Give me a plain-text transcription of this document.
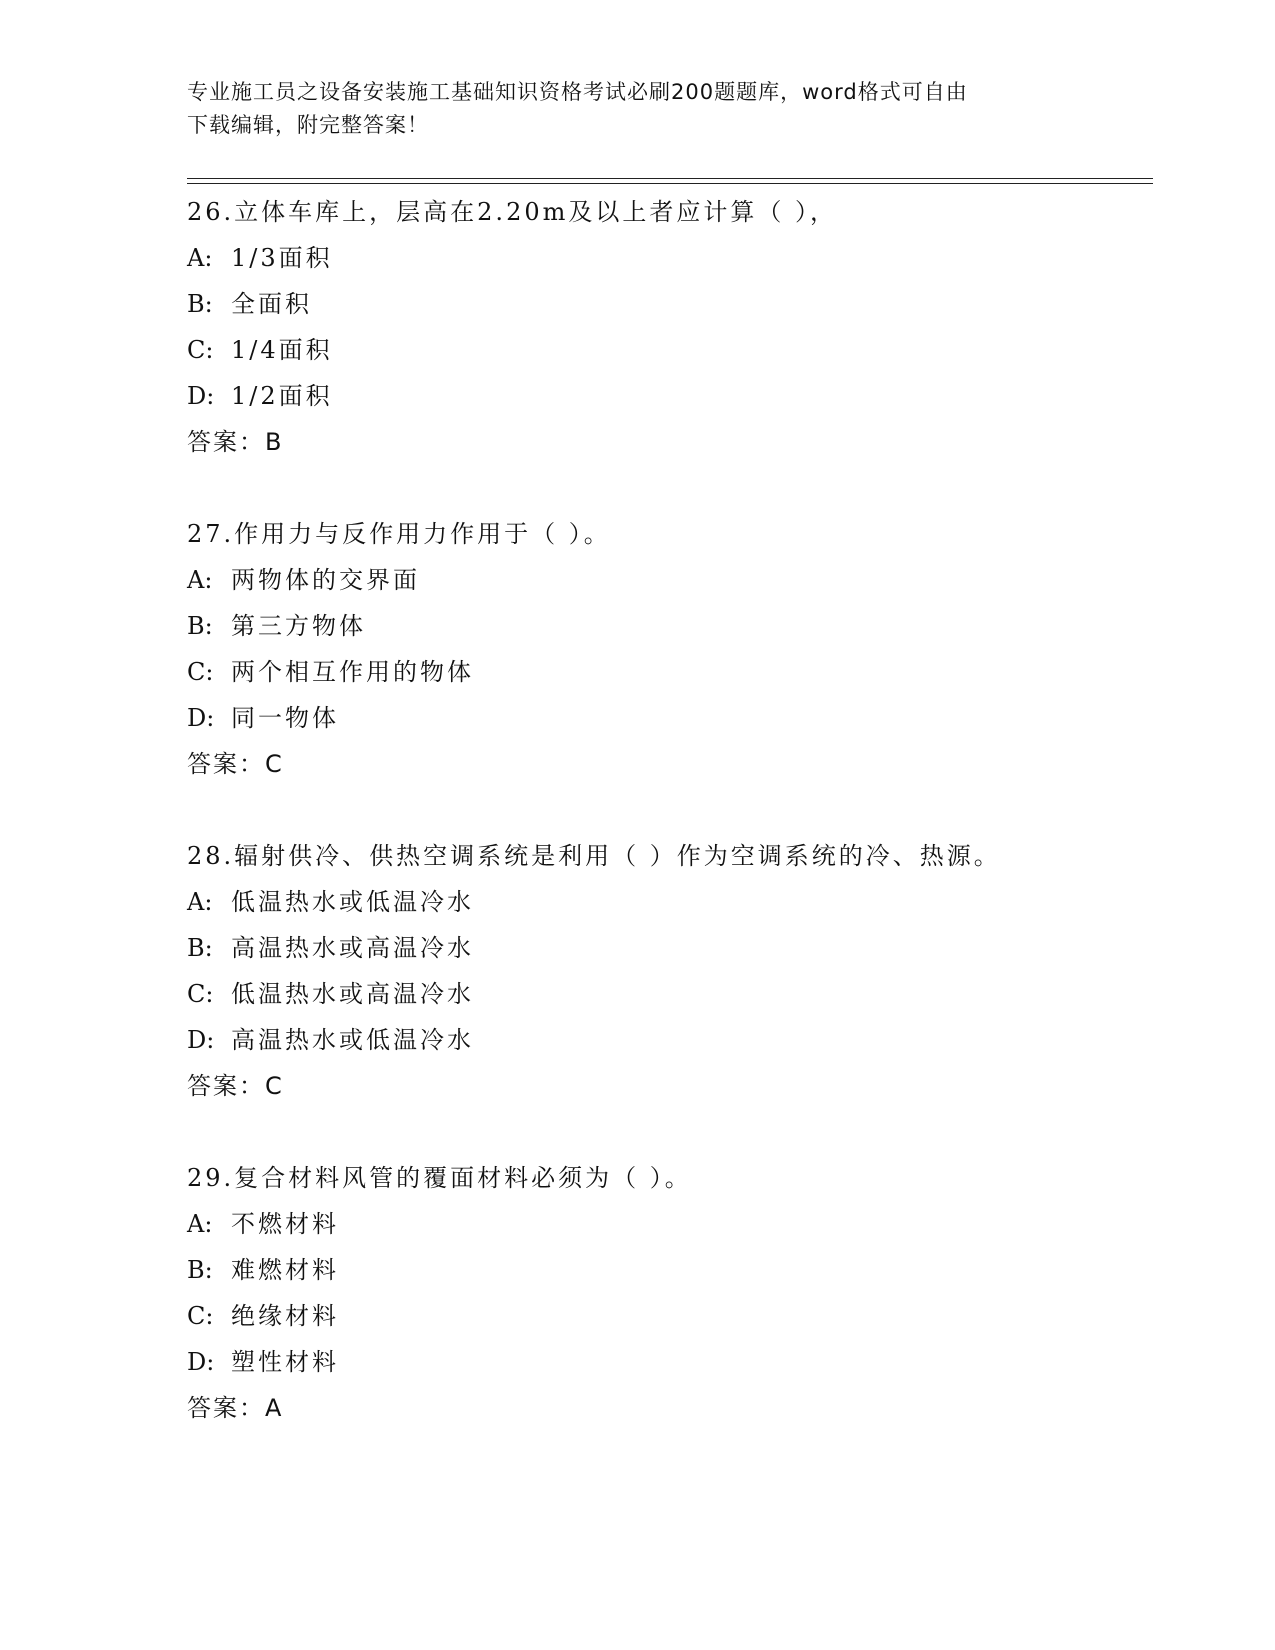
专业施工员之设备安装施工基础知识资格考试必刷200题题库，word格式可自由
下载编辑，附完整答案！
26.立体车库上，层高在2.20m及以上者应计算（ ），
A: 1/3面积
B: 全面积
C: 1/4面积
D: 1/2面积
答案：B
27.作用力与反作用力作用于（ ）。
A: 两物体的交界面
B: 第三方物体
C: 两个相互作用的物体
D: 同一物体
答案：C
28.辐射供冷、供热空调系统是利用（ ）作为空调系统的冷、热源。
A: 低温热水或低温冷水
B: 高温热水或高温冷水
C: 低温热水或高温冷水
D: 高温热水或低温冷水
答案：C
29.复合材料风管的覆面材料必须为（ ）。
A: 不燃材料
B: 难燃材料
C: 绝缘材料
D: 塑性材料
答案：A
